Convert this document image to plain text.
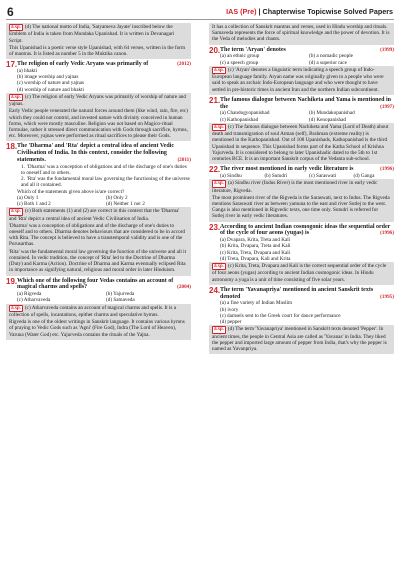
6	IAS (Pre) | Chapterwise Topicwise Solved Papers

Exp. (d) The national motto of India, 'Satyameva Jayate' inscribed below the Emblem of India is taken from Mundaka Upanishad. It is written in Devanagari Script.

This Upanishad is a poetic verse style Upanishad, with 64 verses, written in the form of mantras. It is listed as number 5 in the Muktika canon.

17. The religion of early Vedic Aryans was primarily of	(2012)
(a) bhakti
(b) image worship and yajnas
(c) worship of nature and yajnas
(d) worship of nature and bhakti

Exp. (c) The religion of early Vedic Aryans was primarily of worship of nature and yajnas.

Early Vedic people venerated the natural forces around them (like wind, rain, fire, etc) which they could not control, and invested nature with divinity conceived in human forms, which were mostly masculine. Religion was not based on Magico-ritual formulae, rather it stressed direct communication with Gods through sacrifice, hymns, etc. Moreover, yajnas were performed as ritual sacrifices to please their Gods.

18. The 'Dharma' and 'Rta' depict a central idea of ancient Vedic Civilisation of India. In this context, consider the following statements.	(2011)

1. 'Dharma' was a conception of obligations and of the discharge of one's duties to oneself and to others.

2. 'Rta' was the fundamental moral law governing the functioning of the universe and all it contained.

Which of the statements given above is/are correct?
(a) Only 1	(b) Only 2
(c) Both 1 and 2	(d) Neither 1 nor 2

Exp. (c) Both statements (1) and (2) are correct in this context that the 'Dharma' and 'Rta' depict a central idea of ancient Vedic Civilisation of India.

'Dharma' was a conception of obligations and of the discharge of one's duties to oneself and to others. Dharma denotes behaviours that are considered to be in accord with Rita. The concept is believed to have a transtemporal validity and is one of the Purusarthas.

'Rita' was the fundamental moral law governing the function of the universe and all it contained. In vedic tradition, the concept of 'Rita' led to the Doctrine of Dharma (Duty) and Karma (Action). Doctrine of Dharma and Karma eventually eclipsed Rita in importance as signifying natural, religious and moral order in later Hinduism.

19. Which one of the following four Vedas contains an account of magical charms and spells?	(2004)
(a) Rigveda	(b) Yajurveda
(c) Atharvaveda	(d) Samaveda

Exp. (c) Atharvaveda contains an account of magical charms and spells. It is a collection of spells, incantations, epithet charms and speculative hymns.

Rigveda is one of the oldest writings in Sanskrit language. It contains various hymns of praying to Vedic Gods such as 'Agni' (Fire God), Indra (The Lord of Heaven), Varuna (Water God) etc. Yajurveda contains the rituals of the Yajna.

It has a collection of Sanskrit mantras and verses, used in Hindu worship and rituals. Samaveda represents the force of spiritual knowledge and the power of devotion. It is the Veda of melodies and chants.

20. The term 'Aryan' denotes	(1999)
(a) an ethnic group	(b) a nomadic people
(c) a speech group	(d) a superior race

Exp. (c) 'Aryan' denotes a linguistic term indicating a speech group of Indo-European language family. Aryan name was originally given to a people who were said to speak an archaic Indo-European language and who were thought to have settled in pre-historic times in ancient Iran and the northern Indian subcontinent.

21. The famous dialogue between Nachiketa and Yama is mentioned in the	(1997)
(a) Chandogyopanishad	(b) Mundakopanishad
(c) Kathopanishad	(d) Kenopanishad

Exp. (c) The famous dialogue between Nachiketa and Yama (Lord of Death) about death and transmigration of soul Atman (self), Brahman (extreme reality) is mentioned in the Kathopanishad. Out of 108 Upanishads, Kathopanishad is the third Upanishad in sequence. This Upanishad forms part of the Katha School of Krishna Yajurveda. It is considered to belong to later Upanishadic dated to the 5th to 1st centuries BCE. It is an important Sanskrit corpus of the Vedanta sub-school.

22. The river most mentioned in early vedic literature is	(1996)
(a) Sindhu	(b) Sutudri	(c) Saraswati	(d) Ganga

Exp. (a) Sindhu river (Indus River) is the most mentioned river in early vedic literature, Rigveda.

The most prominent river of the Rigveda is the Saraswati, next to Indus. The Rigveda mentions Saraswati river as between yamuna to the east and river Sutlej to the west. Ganga is also mentioned in Rigvedic texts, one time only. Sutudri is referred for Sutlej river in early vedic literatures.

23. According to ancient Indian cosmogonic ideas the sequential order of the cycle of four aeons (yugas) is	(1996)
(a) Dvapara, Krita, Treta and Kali
(b) Krita, Dvapara, Treta and Kali
(c) Krita, Treta, Dvapara and Kali
(d) Treta, Dvapara, Kali and Krita

Exp. (c) Krita, Treta, Dvapara and Kali is the correct sequential order of the cycle of four aeons (yugas) according to ancient Indian cosmogonic ideas. In Hindu astronomy a yuga is a unit of time consisting of five solar years.

24. The term 'Yavanapriya' mentioned in ancient Sanskrit texts denoted	(1995)
(a) a fine variety of Indian Muslim
(b) ivory
(c) damsels sent to the Greek court for dance performance
(d) pepper

Exp. (d) The term 'Yavanapriya' mentioned in Sanskrit texts denoted 'Pepper'. In ancient times, the people in Central Asia are called as 'Yavanas' in India. They liked the pepper and imported large amount of pepper from India, that's why the pepper is named as Yavanpriya.
